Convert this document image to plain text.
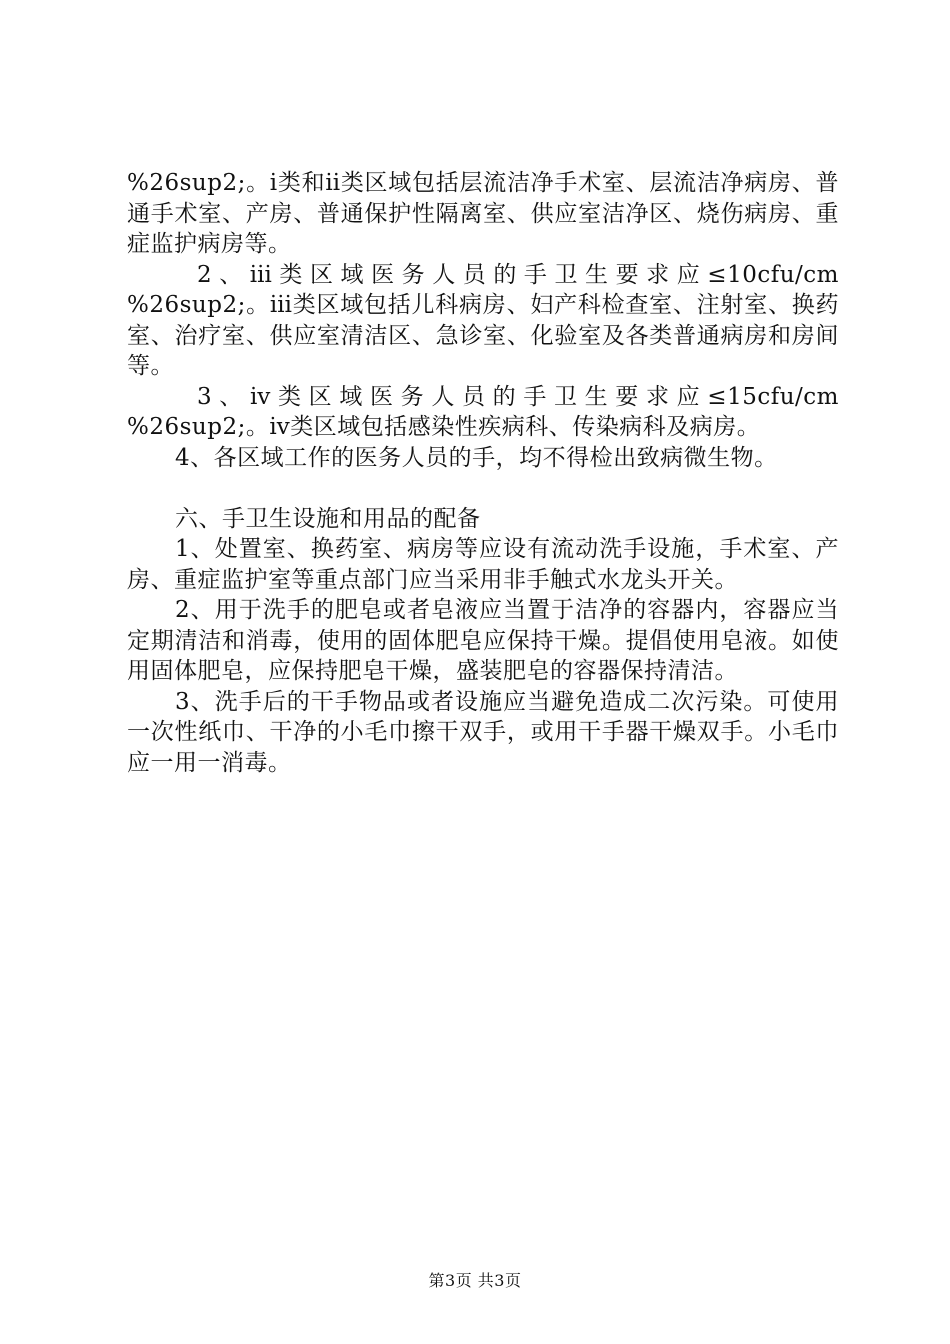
%26sup2;。ⅰ类和ⅱ类区域包括层流洁净手术室、层流洁净病房、普通手术室、产房、普通保护性隔离室、供应室洁净区、烧伤病房、重症监护病房等。

2、ⅲ类区域医务人员的手卫生要求应≤10cfu/cm %26sup2;。ⅲ类区域包括儿科病房、妇产科检查室、注射室、换药室、治疗室、供应室清洁区、急诊室、化验室及各类普通病房和房间等。

3、ⅳ类区域医务人员的手卫生要求应≤15cfu/cm %26sup2;。ⅳ类区域包括感染性疾病科、传染病科及病房。

4、各区域工作的医务人员的手，均不得检出致病微生物。

六、手卫生设施和用品的配备

1、处置室、换药室、病房等应设有流动洗手设施，手术室、产房、重症监护室等重点部门应当采用非手触式水龙头开关。

2、用于洗手的肥皂或者皂液应当置于洁净的容器内，容器应当定期清洁和消毒，使用的固体肥皂应保持干燥。提倡使用皂液。如使用固体肥皂，应保持肥皂干燥，盛装肥皂的容器保持清洁。

3、洗手后的干手物品或者设施应当避免造成二次污染。可使用一次性纸巾、干净的小毛巾擦干双手，或用干手器干燥双手。小毛巾应一用一消毒。

第3页 共3页
